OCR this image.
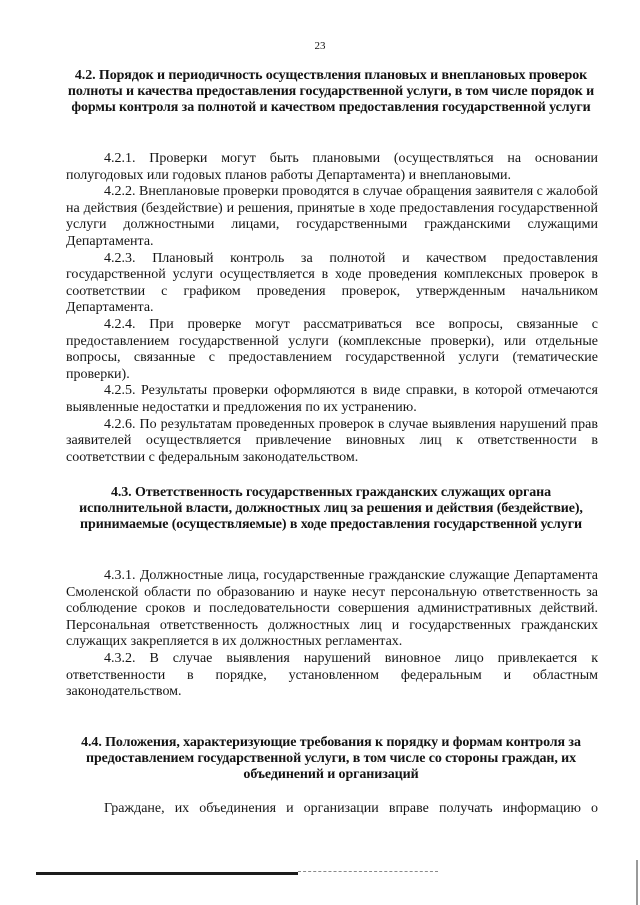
23
4.2. Порядок и периодичность осуществления плановых и внеплановых проверок полноты и качества предоставления государственной услуги, в том числе порядок и формы контроля за полнотой и качеством предоставления государственной услуги

4.2.1. Проверки могут быть плановыми (осуществляться на основании полугодовых или годовых планов работы Департамента) и внеплановыми.

4.2.2. Внеплановые проверки проводятся в случае обращения заявителя с жалобой на действия (бездействие) и решения, принятые в ходе предоставления государственной услуги должностными лицами, государственными гражданскими служащими Департамента.

4.2.3. Плановый контроль за полнотой и качеством предоставления государственной услуги осуществляется в ходе проведения комплексных проверок в соответствии с графиком проведения проверок, утвержденным начальником Департамента.

4.2.4. При проверке могут рассматриваться все вопросы, связанные с предоставлением государственной услуги (комплексные проверки), или отдельные вопросы, связанные с предоставлением государственной услуги (тематические проверки).

4.2.5. Результаты проверки оформляются в виде справки, в которой отмечаются выявленные недостатки и предложения по их устранению.

4.2.6. По результатам проведенных проверок в случае выявления нарушений прав заявителей осуществляется привлечение виновных лиц к ответственности в соответствии с федеральным законодательством.

4.3. Ответственность государственных гражданских служащих органа исполнительной власти, должностных лиц за решения и действия (бездействие), принимаемые (осуществляемые) в ходе предоставления государственной услуги

4.3.1. Должностные лица, государственные гражданские служащие Департамента Смоленской области по образованию и науке несут персональную ответственность за соблюдение сроков и последовательности совершения административных действий. Персональная ответственность должностных лиц и государственных гражданских служащих закрепляется в их должностных регламентах.

4.3.2. В случае выявления нарушений виновное лицо привлекается к ответственности в порядке, установленном федеральным и областным законодательством.

4.4. Положения, характеризующие требования к порядку и формам контроля за предоставлением государственной услуги, в том числе со стороны граждан, их объединений и организаций

Граждане, их объединения и организации вправе получать информацию о
